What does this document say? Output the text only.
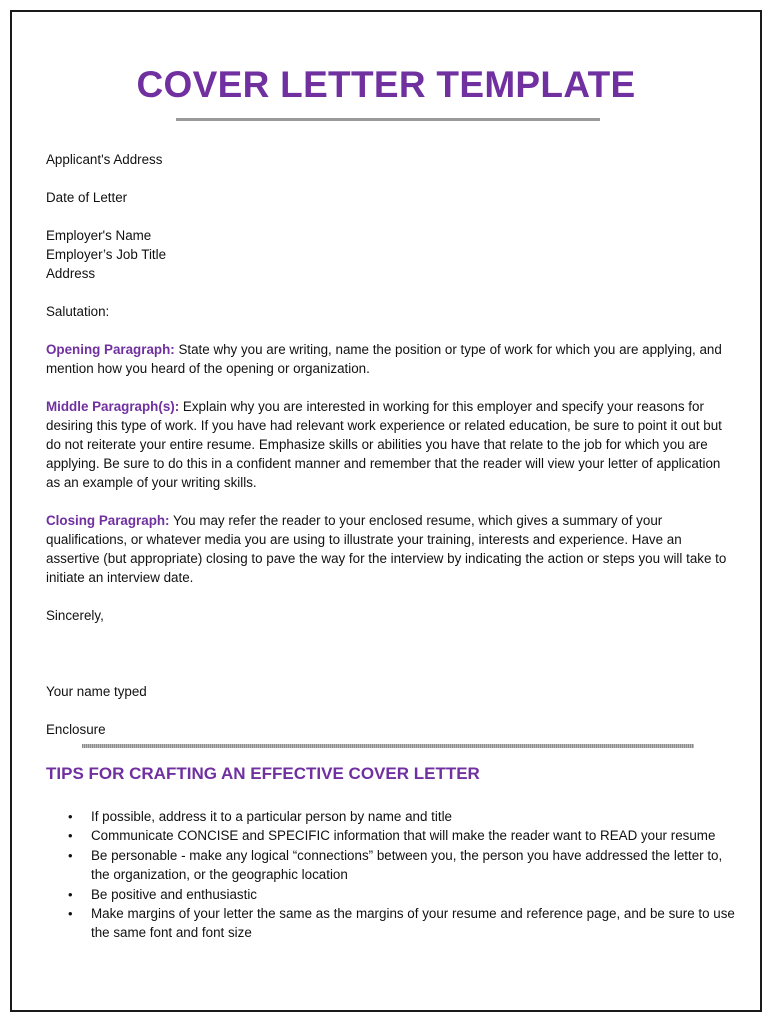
COVER LETTER TEMPLATE

Applicant's Address

Date of Letter

Employer's Name
Employer’s Job Title
Address

Salutation:

Opening Paragraph: State why you are writing, name the position or type of work for which you are applying, and mention how you heard of the opening or organization.

Middle Paragraph(s): Explain why you are interested in working for this employer and specify your reasons for desiring this type of work. If you have had relevant work experience or related education, be sure to point it out but do not reiterate your entire resume. Emphasize skills or abilities you have that relate to the job for which you are applying. Be sure to do this in a confident manner and remember that the reader will view your letter of application as an example of your writing skills.

Closing Paragraph: You may refer the reader to your enclosed resume, which gives a summary of your qualifications, or whatever media you are using to illustrate your training, interests and experience. Have an assertive (but appropriate) closing to pave the way for the interview by indicating the action or steps you will take to initiate an interview date.

Sincerely,

Your name typed

Enclosure

TIPS FOR CRAFTING AN EFFECTIVE COVER LETTER
• If possible, address it to a particular person by name and title
• Communicate CONCISE and SPECIFIC information that will make the reader want to READ your resume
• Be personable - make any logical “connections” between you, the person you have addressed the letter to, the organization, or the geographic location
• Be positive and enthusiastic
• Make margins of your letter the same as the margins of your resume and reference page, and be sure to use the same font and font size
